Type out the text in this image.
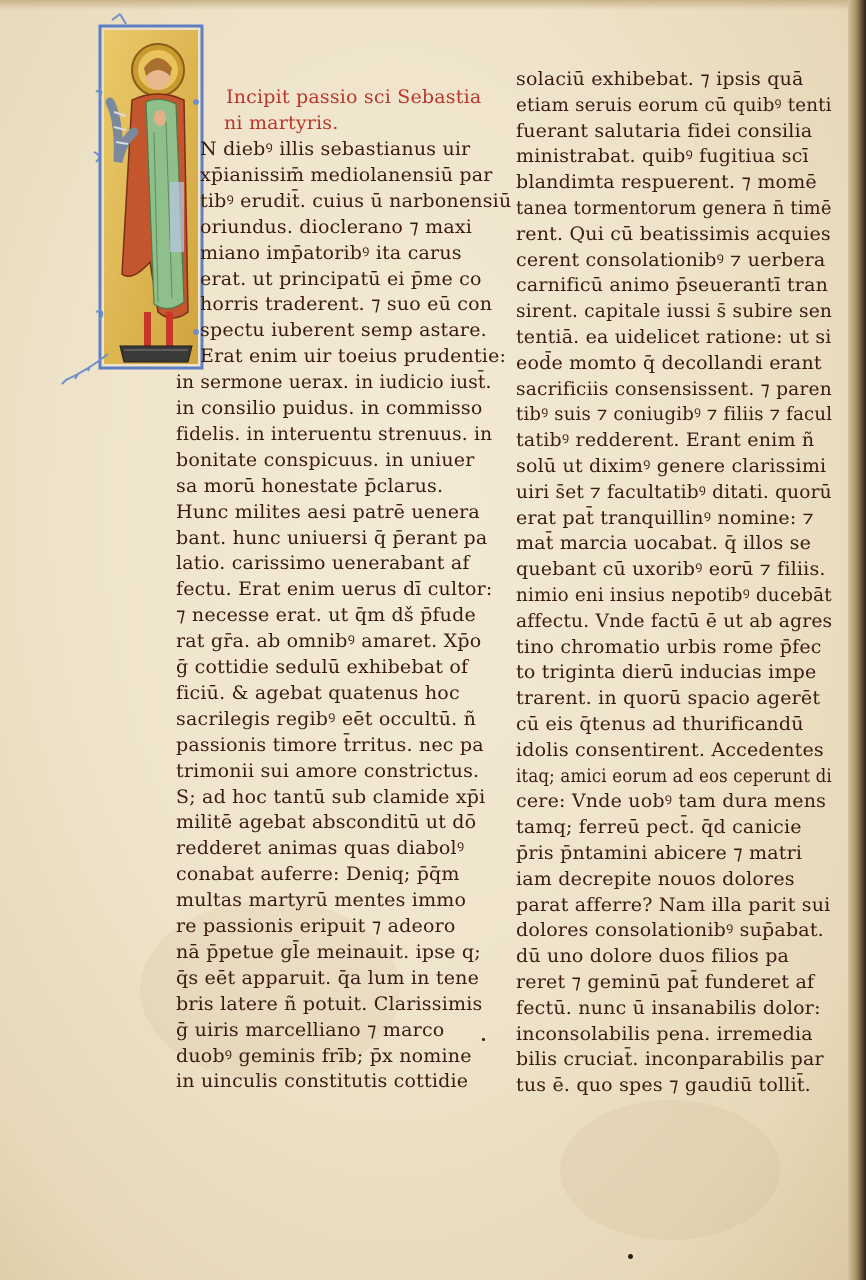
Incipit passio sci Sebastia
ni martyris.
N diebꝰ illis sebastianus uir
xp̄ianissim̄ mediolanensiū par
tibꝰ erudit̄. cuius ū narbonensiū
oriundus. dioclerano ⁊ maxi
miano imp̄atoribꝰ ita carus
erat. ut principatū ei p̄me co
horris traderent. ⁊ suo eū con
spectu iuberent semp astare.
Erat enim uir toeius prudentie:
in sermone uerax. in iudicio iust̄.
in consilio puidus. in commisso
fidelis. in interuentu strenuus. in
bonitate conspicuus. in uniuer
sa morū honestate p̄clarus.
Hunc milites aesi patrē uenera
bant. hunc uniuersi q̄ p̄erant pa
latio. carissimo uenerabant af
fectu. Erat enim uerus dī cultor:
⁊ necesse erat. ut q̄m dš p̄fude
rat gr̄a. ab omnibꝰ amaret. Xp̄o
ḡ cottidie sedulū exhibebat of
ficiū. & agebat quatenus hoc
sacrilegis regibꝰ eēt occultū. ñ
passionis timore t̄rritus. nec pa
trimonii sui amore constrictus.
S; ad hoc tantū sub clamide xp̄i
militē agebat absconditū ut dō
redderet animas quas diabolꝰ
conabat auferre: Deniq; p̄q̄m
multas martyrū mentes immo
re passionis eripuit ⁊ adeoro
nā p̄petue gl̄e meinauit. ipse q;
q̄s eēt apparuit. q̄a lum in tene
bris latere ñ potuit. Clarissimis
ḡ uiris marcelliano ⁊ marco
duobꝰ geminis frīb; p̄x nomine
in uinculis constitutis cottidie
solaciū exhibebat. ⁊ ipsis quā
etiam seruis eorum cū quibꝰ tenti
fuerant salutaria fidei consilia
ministrabat. quibꝰ fugitiua scī
blandimta respuerent. ⁊ momē
tanea tormentorum genera n̄ timē
rent. Qui cū beatissimis acquies
cerent consolationibꝰ ⁊ uerbera
carnificū animo p̄seuerantī tran
sirent. capitale iussi s̄ subire sen
tentiā. ea uidelicet ratione: ut si
eod̄e momto q̄ decollandi erant
sacrificiis consensissent. ⁊ paren
tibꝰ suis ⁊ coniugibꝰ ⁊ filiis ⁊ facul
tatibꝰ redderent. Erant enim ñ
solū ut diximꝰ genere clarissimi
uiri s̄et ⁊ facultatibꝰ ditati. quorū
erat pat̄ tranquillinꝰ nomine: ⁊
mat̄ marcia uocabat. q̄ illos se
quebant cū uxoribꝰ eorū ⁊ filiis.
nimio eni insius nepotibꝰ ducebāt
affectu. Vnde factū ē ut ab agres
tino chromatio urbis rome p̄fec
to triginta dierū inducias impe
trarent. in quorū spacio agerēt
cū eis q̄tenus ad thurificandū
idolis consentirent. Accedentes
itaq; amici eorum ad eos ceperunt di
cere: Vnde uobꝰ tam dura mens
tamq; ferreū pect̄. q̄d canicie
p̄ris p̄ntamini abicere ⁊ matri
iam decrepite nouos dolores
parat afferre? Nam illa parit sui
dolores consolationibꝰ sup̄abat.
dū uno dolore duos filios pa
reret ⁊ geminū pat̄ funderet af
fectū. nunc ū insanabilis dolor:
inconsolabilis pena. irremedia
bilis cruciat̄. inconparabilis par
tus ē. quo spes ⁊ gaudiū tollit̄.
